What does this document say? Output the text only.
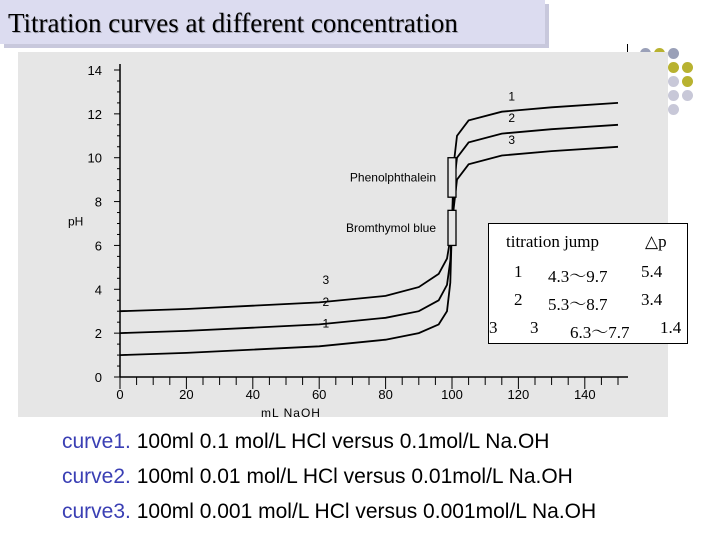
Titration curves at different concentration
0
2
4
6
8
10
12
14
0	20	40	60	80	100	120	140
mL NaOH
pH
1
1
2
2
3
3
Phenolphthalein
Bromthymol blue
titration jump	△p
1 4.3～9.7 5.4
2 5.3～8.7 3.4
3 3 6.3～7.7 1.4
curve1. 100ml 0.1 mol/L HCl versus 0.1mol/L Na.OH
curve2. 100ml 0.01 mol/L HCl versus 0.01mol/L Na.OH
curve3. 100ml 0.001 mol/L HCl versus 0.001mol/L Na.OH
